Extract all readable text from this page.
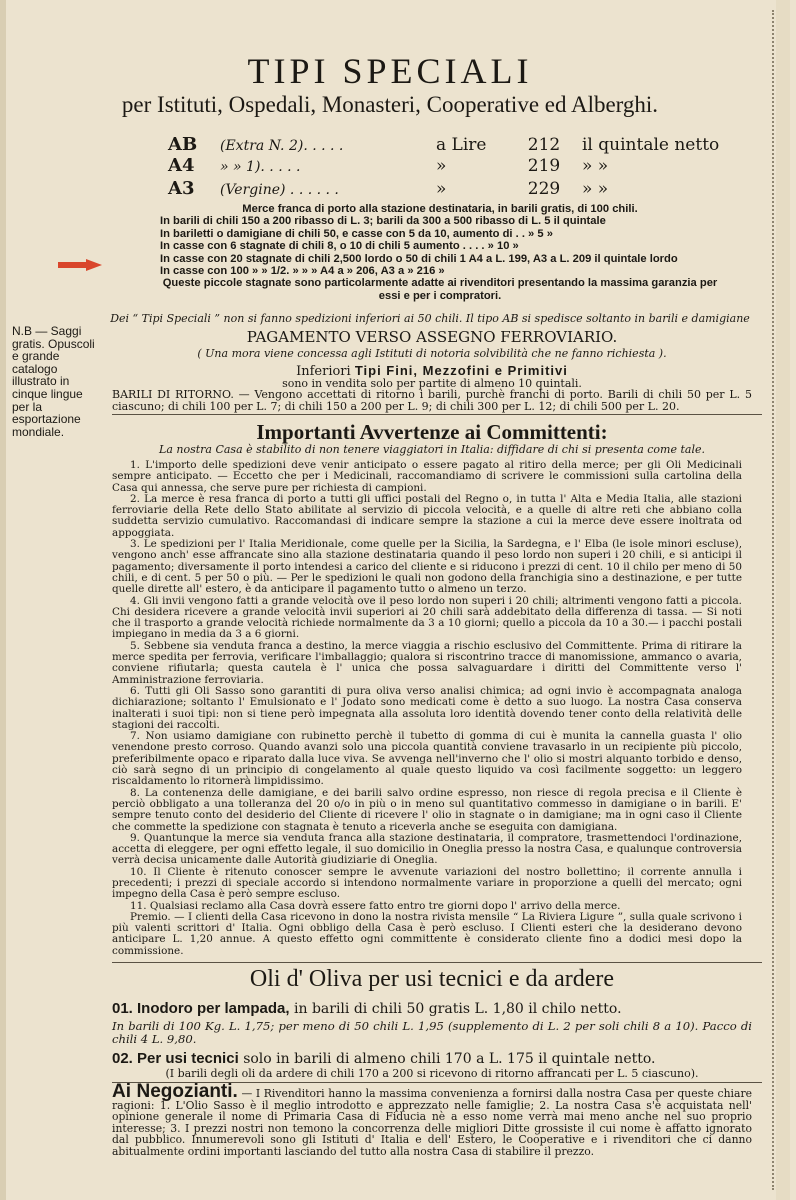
TIPI SPECIALI
per Istituti, Ospedali, Monasteri, Cooperative ed Alberghi.
AB (Extra N. 2). . . . .	a Lire 212 il quintale netto
A4 » » 1). . . . .	»	219 » »
A3 (Vergine) . . . . . .	»	229 » »

Merce franca di porto alla stazione destinataria, in barili gratis, di 100 chili.

In barili di chili 150 a 200 ribasso di L. 3; barili da 300 a 500 ribasso di L. 5 il quintale

In bariletti o damigiane di chili 50, e casse con 5 da 10, aumento di . . » 5 »

In casse con 6 stagnate di chili 8, o 10 di chili 5 aumento . . . . » 10 »

In casse con 20 stagnate di chili 2,500 lordo o 50 di chili 1 A4 a L. 199, A3 a L. 209 il quintale lordo

In casse con 100 » » 1/2. » » » A4 a » 206, A3 a » 216 »

Queste piccole stagnate sono particolarmente adatte ai rivenditori presentando la massima garanzia per

essi e per i compratori.

Dei “ Tipi Speciali ” non si fanno spedizioni inferiori ai 50 chili. Il tipo AB si spedisce soltanto in barili e damigiane
PAGAMENTO VERSO ASSEGNO FERROVIARIO.
( Una mora viene concessa agli Istituti di notoria solvibilità che ne fanno richiesta ).
Inferiori Tipi Fini, Mezzofini e Primitivi
sono in vendita solo per partite di almeno 10 quintali.
BARILI DI RITORNO. — Vengono accettati di ritorno i barili, purchè franchi di porto. Barili di chili 50 per L. 5 ciascuno; di chili 100 per L. 7; di chili 150 a 200 per L. 9; di chili 300 per L. 12; di chili 500 per L. 20.
N.B — Saggi gratis. Opuscoli e grande catalogo illustrato in cinque lingue per la esportazione mondiale.	Importanti Avvertenze ai Committenti:
La nostra Casa è stabilito di non tenere viaggiatori in Italia: diffidare di chi si presenta come tale.

1. L'importo delle spedizioni deve venir anticipato o essere pagato al ritiro della merce; per gli Oli Medicinali sempre anticipato. — Eccetto che per i Medicinali, raccomandiamo di scrivere le commissioni sulla cartolina della Casa qui annessa, che serve pure per richiesta di campioni.

2. La merce è resa franca di porto a tutti gli uffici postali del Regno o, in tutta l' Alta e Media Italia, alle stazioni ferroviarie della Rete dello Stato abilitate al servizio di piccola velocità, e a quelle di altre reti che abbiano colla suddetta servizio cumulativo. Raccomandasi di indicare sempre la stazione a cui la merce deve essere inoltrata od appoggiata.

3. Le spedizioni per l' Italia Meridionale, come quelle per la Sicilia, la Sardegna, e l' Elba (le isole minori escluse), vengono anch' esse affrancate sino alla stazione destinataria quando il peso lordo non superi i 20 chili, e si anticipi il pagamento; diversamente il porto intendesi a carico del cliente e si riducono i prezzi di cent. 10 il chilo per meno di 50 chili, e di cent. 5 per 50 o più. — Per le spedizioni le quali non godono della franchigia sino a destinazione, e per tutte quelle dirette all' estero, è da anticipare il pagamento tutto o almeno un terzo.

4. Gli invii vengono fatti a grande velocità ove il peso lordo non superi i 20 chili; altrimenti vengono fatti a piccola. Chi desidera ricevere a grande velocità invii superiori ai 20 chili sarà addebitato della differenza di tassa. — Si noti che il trasporto a grande velocità richiede normalmente da 3 a 10 giorni; quello a piccola da 10 a 30.— i pacchi postali impiegano in media da 3 a 6 giorni.

5. Sebbene sia venduta franca a destino, la merce viaggia a rischio esclusivo del Committente. Prima di ritirare la merce spedita per ferrovia, verificare l'imballaggio; qualora si riscontrino tracce di manomissione, ammanco o avaria, conviene rifiutarla; questa cautela è l' unica che possa salvaguardare i diritti del Committente verso l' Amministrazione ferroviaria.

6. Tutti gli Oli Sasso sono garantiti di pura oliva verso analisi chimica; ad ogni invio è accompagnata analoga dichiarazione; soltanto l' Emulsionato e l' Jodato sono medicati come è detto a suo luogo. La nostra Casa conserva inalterati i suoi tipi: non si tiene però impegnata alla assoluta loro identità dovendo tener conto della relatività delle stagioni dei raccolti.

7. Non usiamo damigiane con rubinetto perchè il tubetto di gomma di cui è munita la cannella guasta l' olio venendone presto corroso. Quando avanzi solo una piccola quantità conviene travasarlo in un recipiente più piccolo, preferibilmente opaco e riparato dalla luce viva. Se avvenga nell'inverno che l' olio si mostri alquanto torbido e denso, ciò sarà segno di un principio di congelamento al quale questo liquido va così facilmente soggetto: un leggero riscaldamento lo ritornerà limpidissimo.

8. La contenenza delle damigiane, e dei barili salvo ordine espresso, non riesce di regola precisa e il Cliente è perciò obbligato a una tolleranza del 20 o/o in più o in meno sul quantitativo commesso in damigiane o in barili. E' sempre tenuto conto del desiderio del Cliente di ricevere l' olio in stagnate o in damigiane; ma in ogni caso il Cliente che commette la spedizione con stagnata è tenuto a riceverla anche se eseguita con damigiana.

9. Quantunque la merce sia venduta franca alla stazione destinataria, il compratore, trasmettendoci l'ordinazione, accetta di eleggere, per ogni effetto legale, il suo domicilio in Oneglia presso la nostra Casa, e qualunque controversia verrà decisa unicamente dalle Autorità giudiziarie di Oneglia.

10. Il Cliente è ritenuto conoscer sempre le avvenute variazioni del nostro bollettino; il corrente annulla i precedenti; i prezzi di speciale accordo si intendono normalmente variare in proporzione a quelli del mercato; ogni impegno della Casa è però sempre escluso.

11. Qualsiasi reclamo alla Casa dovrà essere fatto entro tre giorni dopo l' arrivo della merce.

Premio. — I clienti della Casa ricevono in dono la nostra rivista mensile “ La Riviera Ligure ”, sulla quale scrivono i più valenti scrittori d' Italia. Ogni obbligo della Casa è però escluso. I Clienti esteri che la desiderano devono anticipare L. 1,20 annue. A questo effetto ogni committente è considerato cliente fino a dodici mesi dopo la commissione.

Oli d' Oliva per usi tecnici e da ardere
01. Inodoro per lampada, in barili di chili 50 gratis L. 1,80 il chilo netto.
In barili di 100 Kg. L. 1,75; per meno di 50 chili L. 1,95 (supplemento di L. 2 per soli chili 8 a 10). Pacco di chili 4 L. 9,80.
02. Per usi tecnici solo in barili di almeno chili 170 a L. 175 il quintale netto.
(I barili degli oli da ardere di chili 170 a 200 si ricevono di ritorno affrancati per L. 5 ciascuno).
Ai Negozianti. — I Rivenditori hanno la massima convenienza a fornirsi dalla nostra Casa per queste chiare ragioni: 1. L'Olio Sasso è il meglio introdotto e apprezzato nelle famiglie; 2. La nostra Casa s'è acquistata nell' opinione generale il nome di Primaria Casa di Fiducia nè a esso nome verrà mai meno anche nel suo proprio interesse; 3. I prezzi nostri non temono la concorrenza delle migliori Ditte grossiste il cui nome è affatto ignorato dal pubblico. Innumerevoli sono gli Istituti d' Italia e dell' Estero, le Cooperative e i rivenditori che ci danno abitualmente ordini importanti lasciando del tutto alla nostra Casa di stabilire il prezzo.
